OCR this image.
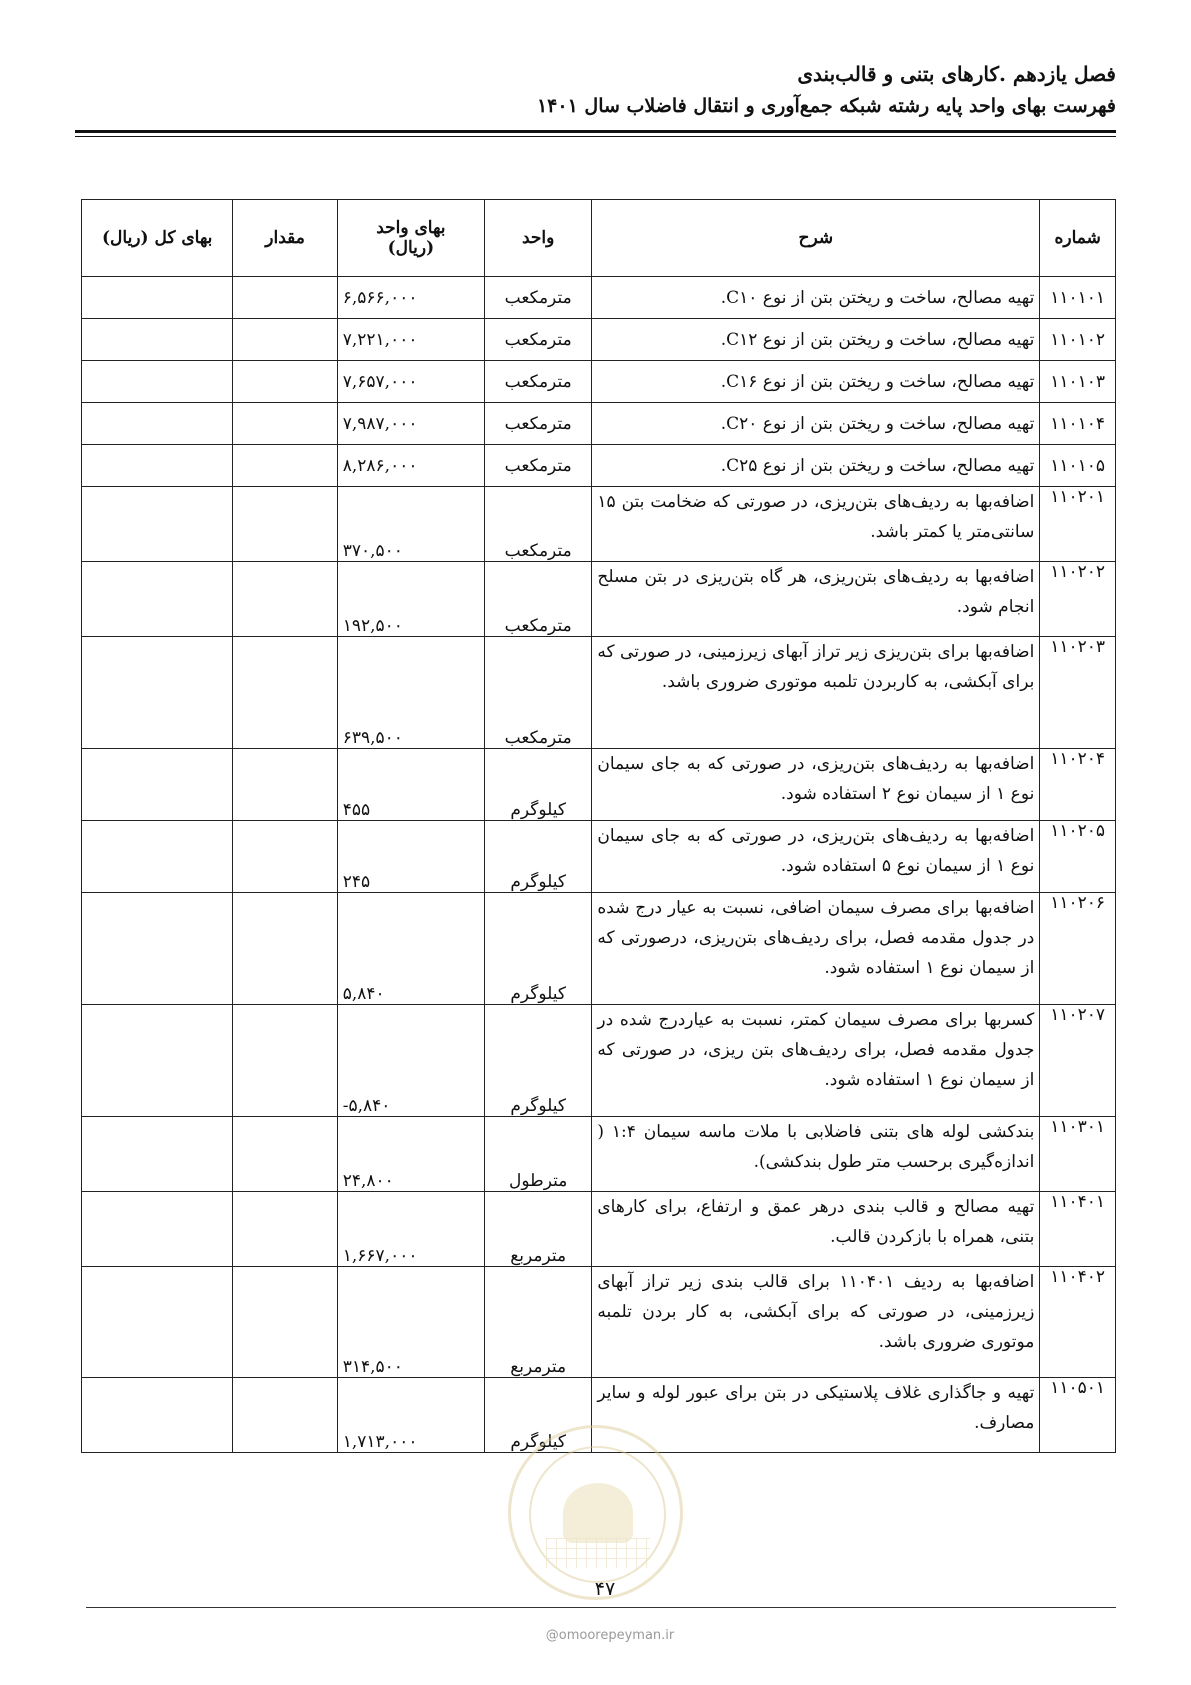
فصل یازدهم .کارهای بتنی و قالب‌بندی
فهرست بهای واحد پایه رشته شبکه جمع‌آوری و انتقال فاضلاب سال ۱۴۰۱
شماره	شرح	واحد	بهای واحد (ریال)	مقدار	بهای کل (ریال)
۱۱۰۱۰۱	تهیه مصالح، ساخت و ریختن بتن از نوع C۱۰.	مترمکعب	۶,۵۶۶,۰۰۰		
۱۱۰۱۰۲	تهیه مصالح، ساخت و ریختن بتن از نوع C۱۲.	مترمکعب	۷,۲۲۱,۰۰۰		
۱۱۰۱۰۳	تهیه مصالح، ساخت و ریختن بتن از نوع C۱۶.	مترمکعب	۷,۶۵۷,۰۰۰		
۱۱۰۱۰۴	تهیه مصالح، ساخت و ریختن بتن از نوع C۲۰.	مترمکعب	۷,۹۸۷,۰۰۰		
۱۱۰۱۰۵	تهیه مصالح، ساخت و ریختن بتن از نوع C۲۵.	مترمکعب	۸,۲۸۶,۰۰۰		
۱۱۰۲۰۱	اضافه‌بها به ردیف‌های بتن‌ریزی، در صورتی که ضخامت بتن ۱۵ سانتی‌متر یا کمتر باشد.	مترمکعب	۳۷۰,۵۰۰		
۱۱۰۲۰۲	اضافه‌بها به ردیف‌های بتن‌ریزی، هر گاه بتن‌ریزی در بتن مسلح انجام شود.	مترمکعب	۱۹۲,۵۰۰		
۱۱۰۲۰۳	اضافه‌بها برای بتن‌ریزی زیر تراز آبهای زیرزمینی، در صورتی که برای آبکشی، به کاربردن تلمبه موتوری ضروری باشد.	مترمکعب	۶۳۹,۵۰۰		
۱۱۰۲۰۴	اضافه‌بها به ردیف‌های بتن‌ریزی، در صورتی که به جای سیمان نوع ۱ از سیمان نوع ۲ استفاده شود.	کیلوگرم	۴۵۵		
۱۱۰۲۰۵	اضافه‌بها به ردیف‌های بتن‌ریزی، در صورتی که به جای سیمان نوع ۱ از سیمان نوع ۵ استفاده شود.	کیلوگرم	۲۴۵		
۱۱۰۲۰۶	اضافه‌بها برای مصرف سیمان اضافی، نسبت به عیار درج شده در جدول مقدمه فصل، برای ردیف‌های بتن‌ریزی، درصورتی که از سیمان نوع ۱ استفاده شود.	کیلوگرم	۵,۸۴۰		
۱۱۰۲۰۷	کسربها برای مصرف سیمان کمتر، نسبت به عیاردرج شده در جدول مقدمه فصل، برای ردیف‌های بتن ریزی، در صورتی که از سیمان نوع ۱ استفاده شود.	کیلوگرم	-۵,۸۴۰		
۱۱۰۳۰۱	بندکشی لوله های بتنی فاضلابی با ملات ماسه سیمان ۱:۴ ( اندازه‌گیری برحسب متر طول بندکشی).	مترطول	۲۴,۸۰۰		
۱۱۰۴۰۱	تهیه مصالح و قالب بندی درهر عمق و ارتفاع، برای کارهای بتنی، همراه با بازکردن قالب.	مترمربع	۱,۶۶۷,۰۰۰		
۱۱۰۴۰۲	اضافه‌بها به ردیف ۱۱۰۴۰۱ برای قالب بندی زیر تراز آبهای زیرزمینی، در صورتی که برای آبکشی، به کار بردن تلمبه موتوری ضروری باشد.	مترمربع	۳۱۴,۵۰۰		
۱۱۰۵۰۱	تهیه و جاگذاری غلاف پلاستیکی در بتن برای عبور لوله و سایر مصارف.	کیلوگرم	۱,۷۱۳,۰۰۰		
۴۷
@omoorepeyman.ir
